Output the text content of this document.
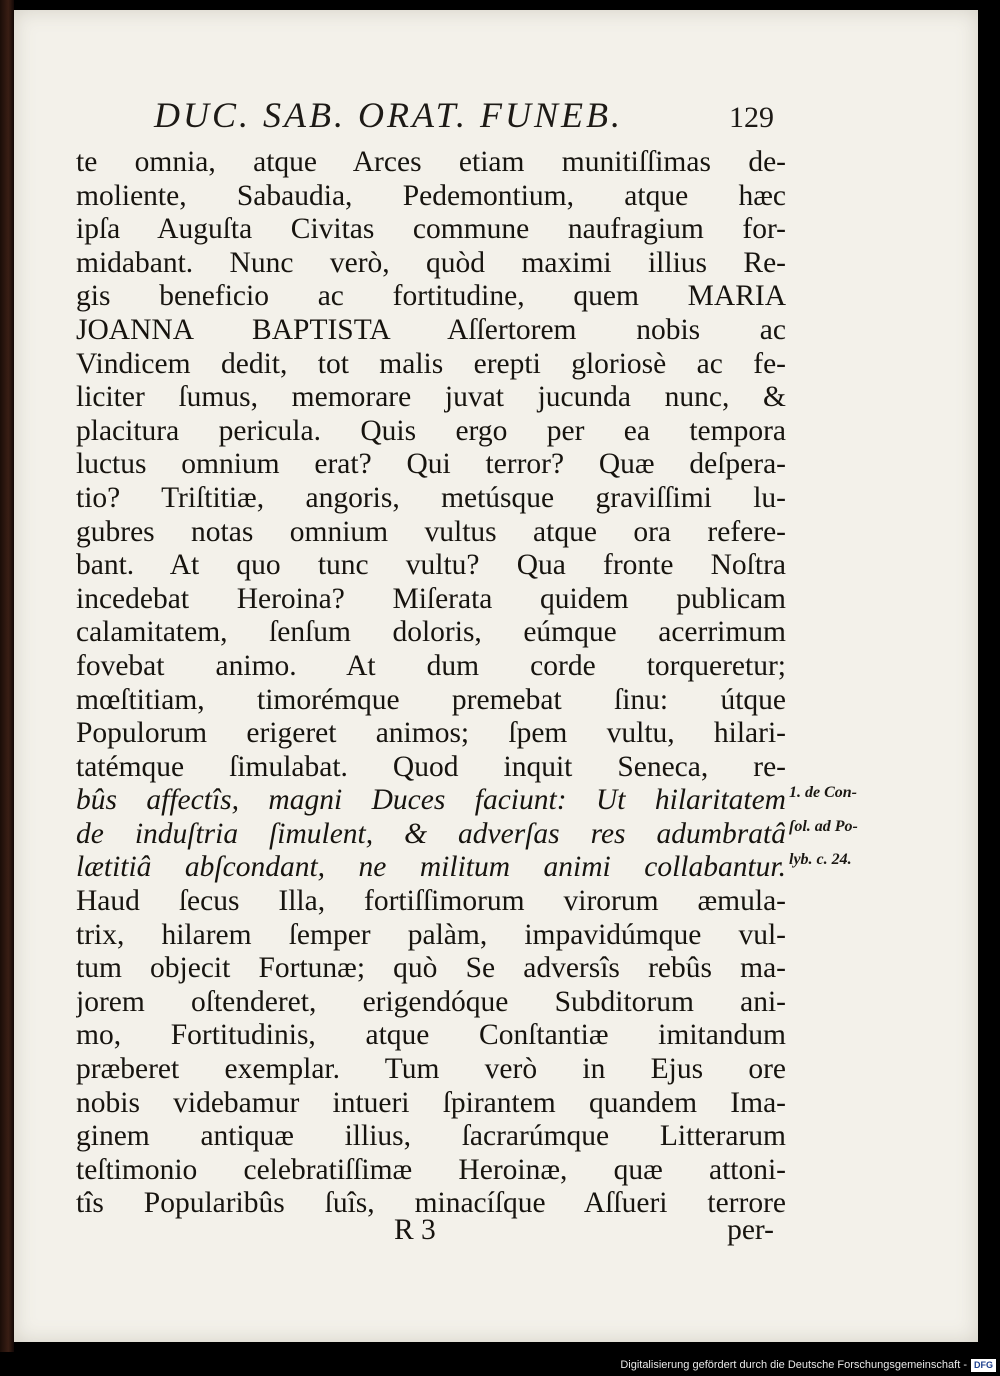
DUC. SAB. ORAT. FUNEB.	129
te omnia, atque Arces etiam munitiſſimas de-
moliente, Sabaudia, Pedemontium, atque hæc
ipſa Auguſta Civitas commune naufragium for-
midabant. Nunc verò, quòd maximi illius Re-
gis beneficio ac fortitudine, quem MARIA
JOANNA BAPTISTA Aſſertorem nobis ac
Vindicem dedit, tot malis erepti gloriosè ac fe-
liciter ſumus, memorare juvat jucunda nunc, &
placitura pericula. Quis ergo per ea tempora
luctus omnium erat? Qui terror? Quæ deſpera-
tio? Triſtitiæ, angoris, metúsque graviſſimi lu-
gubres notas omnium vultus atque ora refere-
bant. At quo tunc vultu? Qua fronte Noſtra
incedebat Heroina? Miſerata quidem publicam
calamitatem, ſenſum doloris, eúmque acerrimum
fovebat animo. At dum corde torqueretur;
mœſtitiam, timorémque premebat ſinu: útque
Populorum erigeret animos; ſpem vultu, hilari-
tatémque ſimulabat. Quod inquit Seneca, re-
bûs affectîs, magni Duces faciunt: Ut hilaritatem
de induſtria ſimulent, & adverſas res adumbratâ
lætitiâ abſcondant, ne militum animi collabantur.
Haud ſecus Illa, fortiſſimorum virorum æmula-
trix, hilarem ſemper palàm, impavidúmque vul-
tum objecit Fortunæ; quò Se adversîs rebûs ma-
jorem oſtenderet, erigendóque Subditorum ani-
mo, Fortitudinis, atque Conſtantiæ imitandum
præberet exemplar. Tum verò in Ejus ore
nobis videbamur intueri ſpirantem quandem Ima-
ginem antiquæ illius, ſacrarúmque Litterarum
teſtimonio celebratiſſimæ Heroinæ, quæ attoni-
tîs Popularibûs ſuîs, minacíſque Aſſueri terrore
1. de Con-
ſol. ad Po-
lyb. c. 24.
R 3	per-
Digitalisierung gefördert durch die Deutsche Forschungsgemeinschaft - DFG
